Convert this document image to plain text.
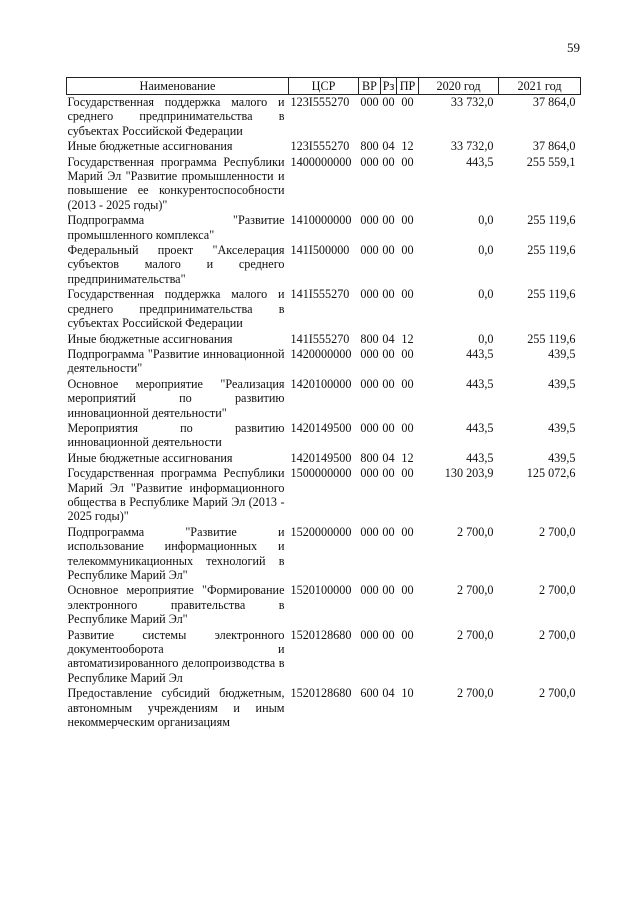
59
Наименование	ЦСР	ВР	Рз	ПР	2020 год	2021 год
Государственная поддержка малого и среднего предпринимательства в субъектах Российской Федерации	123I555270	000	00	00	33 732,0	37 864,0
Иные бюджетные ассигнования	123I555270	800	04	12	33 732,0	37 864,0
Государственная программа Республики Марий Эл "Развитие промышленности и повышение ее конкурентоспособности (2013 - 2025 годы)"	1400000000	000	00	00	443,5	255 559,1
Подпрограмма "Развитие промышленного комплекса"	1410000000	000	00	00	0,0	255 119,6
Федеральный проект "Акселерация субъектов малого и среднего предпринимательства"	141I500000	000	00	00	0,0	255 119,6
Государственная поддержка малого и среднего предпринимательства в субъектах Российской Федерации	141I555270	000	00	00	0,0	255 119,6
Иные бюджетные ассигнования	141I555270	800	04	12	0,0	255 119,6
Подпрограмма "Развитие инновационной деятельности"	1420000000	000	00	00	443,5	439,5
Основное мероприятие "Реализация мероприятий по развитию инновационной деятельности"	1420100000	000	00	00	443,5	439,5
Мероприятия по развитию инновационной деятельности	1420149500	000	00	00	443,5	439,5
Иные бюджетные ассигнования	1420149500	800	04	12	443,5	439,5
Государственная программа Республики Марий Эл "Развитие информационного общества в Республике Марий Эл (2013 - 2025 годы)"	1500000000	000	00	00	130 203,9	125 072,6
Подпрограмма "Развитие и использование информационных и телекоммуникационных технологий в Республике Марий Эл"	1520000000	000	00	00	2 700,0	2 700,0
Основное мероприятие "Формирование электронного правительства в Республике Марий Эл"	1520100000	000	00	00	2 700,0	2 700,0
Развитие системы электронного документооборота и автоматизированного делопроизводства в Республике Марий Эл	1520128680	000	00	00	2 700,0	2 700,0
Предоставление субсидий бюджетным, автономным учреждениям и иным некоммерческим организациям	1520128680	600	04	10	2 700,0	2 700,0
